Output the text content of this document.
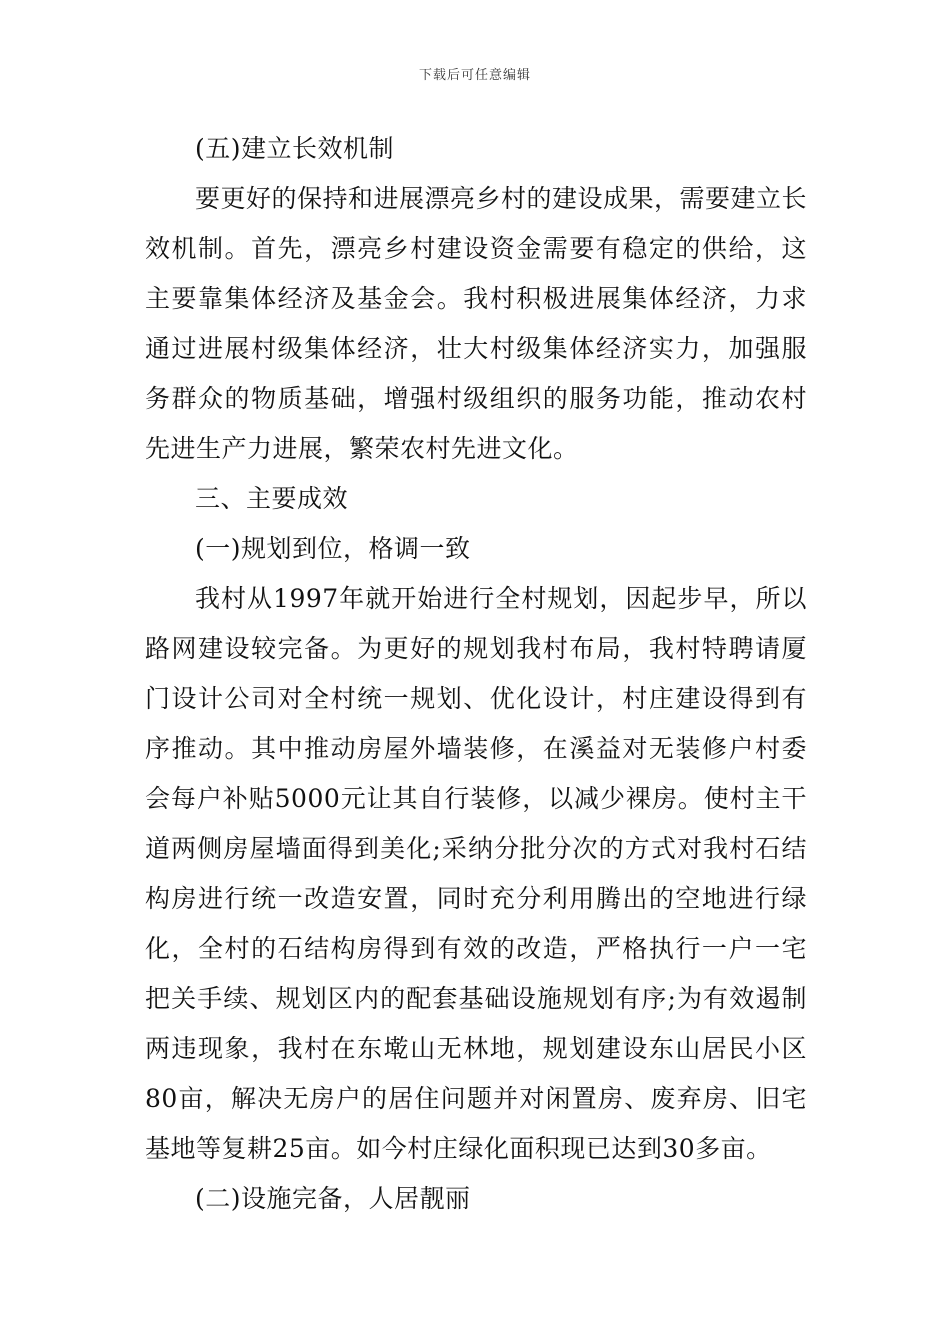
下载后可任意编辑

(五)建立长效机制

要更好的保持和进展漂亮乡村的建设成果，需要建立长效机制。首先，漂亮乡村建设资金需要有稳定的供给，这主要靠集体经济及基金会。我村积极进展集体经济，力求通过进展村级集体经济，壮大村级集体经济实力，加强服务群众的物质基础，增强村级组织的服务功能，推动农村先进生产力进展，繁荣农村先进文化。

三、主要成效

(一)规划到位，格调一致

我村从1997年就开始进行全村规划，因起步早，所以路网建设较完备。为更好的规划我村布局，我村特聘请厦门设计公司对全村统一规划、优化设计，村庄建设得到有序推动。其中推动房屋外墙装修，在溪益对无装修户村委会每户补贴5000元让其自行装修，以减少裸房。使村主干道两侧房屋墙面得到美化;采纳分批分次的方式对我村石结构房进行统一改造安置，同时充分利用腾出的空地进行绿化，全村的石结构房得到有效的改造，严格执行一户一宅把关手续、规划区内的配套基础设施规划有序;为有效遏制两违现象，我村在东墘山无林地，规划建设东山居民小区80亩，解决无房户的居住问题并对闲置房、废弃房、旧宅基地等复耕25亩。如今村庄绿化面积现已达到30多亩。

(二)设施完备，人居靓丽
